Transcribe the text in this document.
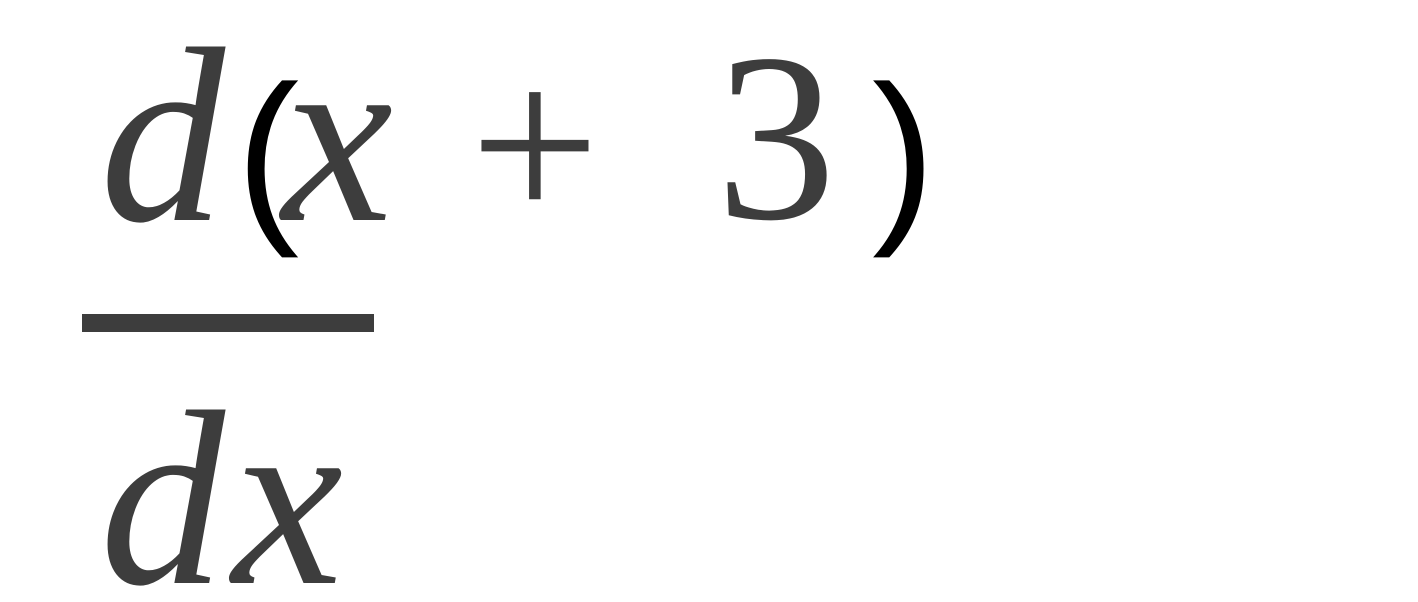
d (
x + 3 )
d x
